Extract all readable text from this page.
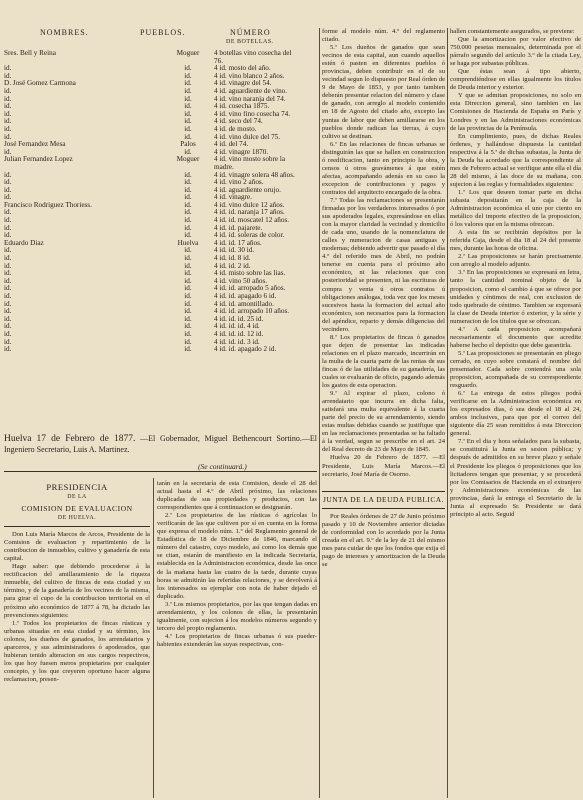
NOMBRES.	PUEBLOS.	NÚMERO
DE BOTELLAS.
Sres. Bell y Reina	Moguer	4 botellas vino cosecha del
76.
id.	id.	4 id. mosto del año.
id.	id.	4 id. vino blanco 2 años.
D. José Gomez Carmona	id.	4 id. vinagre del 54.
id.	id.	4 id. aguardiente de vino.
id.	id.	4 id. vino naranja del 74.
id.	id.	4 id. cosecha 1875.
id.	id.	4 id. vino fino cosecha 74.
id.	id.	4 id. seco del 74.
id.	id.	4 id. de mosto.
id.	id.	4 id. vino dulce del 75.
José Fernandez Mesa	Palos	4 id. del 74.
id.	id.	4 id. vinagre 1870.
Julian Fernandez Lopez	Moguer	4 id. vino mosto sobre la
madre.
id.	id.	4 id. vinagre solera 48 años.
id.	id.	4 id. vino 2 años.
id.	id.	4 id. aguardiente orujo.
id.	id.	4 id. vinagre.
Francisco Rodriguez Thoriess.	id.	4 id. vino dulce 12 años.
id.	id.	4 id. id. naranja 17 años.
id.	id.	4 id. id. moscatel 12 años.
id.	id.	4 id. id. pajarete.
id.	id.	4 id. id. soleras de color.
Eduardo Diaz	Huelva	4 id. id. 17 años.
id.	id.	4 id. id. 30 id.
id.	id.	4 id. id. 8 id.
id.	id.	4 id. id. 2 id.
id.	id.	4 id. misto sobre las lias.
id.	id.	4 id. vino 50 años.
id.	id.	4 id. id. arropado 5 años.
id.	id.	4 id. id. apagado 6 id.
id.	id.	4 id. id. amontillado.
id.	id.	4 id. id. arropado 10 años.
id.	id.	4 id. id. id. 25 id.
id.	id.	4 id. id. id. 4 id.
id.	id.	4 id. id. id. 12 id.
id.	id.	4 id. id. id. 3 id.
id.	id.	4 id. id. apagado 2 id.
Huelva 17 de Febrero de 1877. —El Gobernador, Miguel Bethencourt Sortino.—El Ingeniero Secretario, Luis A. Martinez.
(Se continuará.)

PRESIDENCIA

DE LA

COMISION DE EVALUACION

DE HUELVA.

Don Luis María Marcos de Arcos, Presidente de la Comision de evaluacion y repartimiento de la contribucion de inmuebles, cultivo y ganadería de esta capital.

Hago saber: que debiendo procederse á la rectificacion del amillaramiento de la riqueza inmueble, del cultivo de fincas de esta ciudad y su término, y de la ganadería de los vecinos de la misma, para girar el cupo de la contribucion territorial en el próximo año económico de 1877 á 78, ha dictado las prevenciones siguientes:

1.ª Todos los propietarios de fincas rústicas y urbanas situadas en esta ciudad y su término, los colonos, los dueños de ganados, los arrendatarios y aparceros, y sus administradores ó apoderados, que hubieran tenido alteracion en sus cargos respectivos, los que hoy fuesen meros propietarios por cualquier concepto, y los que creyeren oportuno hacer alguna reclamacion, presen-

tarán en la secretaría de esta Comision, desde el 28 del actual hasta el 4.º de Abril próximo, las relaciones duplicadas de sus propiedades y productos, con las correspondientes que á continuacion se designarán.

2.ª Los propietarios de las rústicas ó agrícolas lo verificarán de las que cultiven por sí en cuenta en la forma que expresa el modelo núm. 1.º del Reglamento general de Estadística de 18 de Diciembre de 1846, marcando el número del catastro, cuyo modelo, así como los demás que se citan, estarán de manifiesto en la indicada Secretaría, establecida en la Administracion económica, desde las once de la mañana hasta las cuatro de la tarde, durante cuyas horas se admitirán las referidas relaciones, y se devolverá á los interesados su ejemplar con nota de haber dejado el duplicado.

3.ª Los mismos propietarios, por las que tengan dadas en arrendamiento, y los colonos de ellas, la presentarán igualmente, con sujecion á los modelos números segundo y tercero del propio reglamento.

4.ª Los propietarios de fincas urbanas ó sus pueder-habientes extenderán las suyas respectivas, con-

forme al modelo núm. 4.º del reglamento citado.

5.ª Los dueños de ganados que sean vecinos de esta capital, aun cuando aquellos estén ó pasten en diferentes pueblos ó provincias, deben contribuir en el de su vecindad segun lo dispuesto por Real órden de 9 de Mayo de 1853, y por tanto tambien deberán presentar relacion del número y clase de ganado, con arreglo al modelo contenido en 18 de Agosto del citado año, excepto las yuntas de labor que deben amillararse en los pueblos donde radican las tierras, á cuyo cultivo se destinan.

6.ª En las relaciones de fincas urbanas se distinguirán las que se hallen en construccion ó reedificacion, tanto en principio la obra, y censos ú otros gravámenes á que estén afectas, acompañando adenás en su caso la excepcion de contribuciones y pagos y contratos del arquitecto encargado de la obra.

7.ª Todas las reclamaciones se presentarán firmadas por los verdaderos interesados ó por sus apoderados legales, expresándose en ellas con la mayor claridad la vecindad y domicilio de cada uno, usando de la nomenclatura de calles y numeracion de casas antiguas y modernas; debiendo advertir que pasado el día 4.º del referido mes de Abril, no podrán tenerse en cuenta para el próximo año económico, ni las relaciones que con posterioridad se presenten, ni las escrituras de compra y venta ú otros contratos ú obligaciones análogas, toda vez que los meses sucesivos hasta la formacion del actual año económico, son necesarios para la formacion del apéndice, reparto y demás diligencias del vecindero.

8.ª Los propietarios de fincas ó ganados que dejen de presentar las indicadas relaciones en el plazo marcado, incurrirán en la multa de la cuarta parte de las rentas de sus fincas ó de las utilidades de su ganadería, las cuales se evaluarán de oficio, pagando además los gastos de esta operacion.

9.ª Al expirar el plazo, colono ó arrendatario que incurra en dicha falta, satisfará una multa equivalente á la cuarta parte del precio de su arrendamiento, siendo estas multas debidas cuando se justifique que en las reclamaciones presentadas se ha faltado á la verdad, segun se prescribe en el art. 24 del Real decreto de 23 de Mayo de 1845.

Huelva 20 de Febrero de 1877. —El Presidente, Luis María Marcos.—El secretario, José María de Osorno.

JUNTA DE LA DEUDA PUBLICA.

Por Reales órdenes de 27 de Junio próximo pasado y 10 de Noviembre anterior dictadas de conformidad con lo acordado por la Junta creada en el art. 9.º de la ley de 21 del mismo mes para cuidar de que los fondos que exija el pago de intereses y amortizacion de la Deuda se

hallen constantemente asegurados, se previene:

Que la amortizacion por valor efectivo de 750.000 pesetas mensuales, determinada por el párrafo segundo del artículo 3.º de la citada Ley, se haga por subastas públicas.

Que éstas sean á tipo abierto, comprendiéndose en ellas igualmente los títulos de Deuda interior y exterior.

Y que se admitan proposiciones, no solo en esta Direccion general, sino tambien en las Comisiones de Hacienda de España en París y Londres y en las Administraciones económicas de las provincias de la Península.

En cumplimiento, pues, de dichas Reales órdenes, y hallándose dispuesta la cantidad respectiva á la 5.ª de dichas subastas, la Junta de la Deuda ha acordado que la correspondiente al mes de Febrero actual se verifique ante ella el día 28 del mismo, á las doce de su mañana, con sujecion á las reglas y formalidades siguientes:

1.ª Los que deseen tomar parte en dicha subasta depositarán en la caja de la Administracion económica el uno por ciento en metálico del importe efectivo de la proposicion, ó los valores que en la misma ofrezcan.

A esta fin se recibirán depósitos por la referida Caja, desde el dia 18 al 24 del presente mes, durante las horas de oficina.

2.ª Las proposiciones se harán precisamente con arreglo al modelo adjunto.

3.ª En las proposiciones se expresará en letra, tanto la cantidad nominal objeto de la proposicion, como el cambio á que se ofrece por unidades y céntimos de real, con exclusion de todo quebrado de céntimo. Tambien se expresará la clase de Deuda interior ó exterior, y la série y numeracion de los títulos que se ofrezcan.

4.ª A cada proposicion acompañará necesariamente el documento que acredite haberse hecho el depósito que debe garantirla.

5.ª Las proposiciones se presentarán en pliego cerrado, en cuyo sobre constará el nombre del presentador. Cada sobre contendrá una sola proposicion, acompañada de su correspondiente resguardo.

6.ª La entrega de estos pliegos podrá verificarse en la Administracion económica en los expresados dias, ó sea desde el 18 al 24, ambos inclusives, para que por el correo del siguiente día 25 sean remitidos á esta Direccion general.

7.ª En el dia y hora señalados para la subasta, se constituirá la Junta en sesion pública; y después de admitidos en su breve plazo y señale el Presidente los pliegos ó proposiciones que los licitadores tengan que presentar, y se procederá por los Comisarios de Hacienda en el extranjero y Administraciones económicas de las provincias, dará la entrega el Secretario de la Junta al expresado Sr. Presidente se dará principio al acto. Seguid
